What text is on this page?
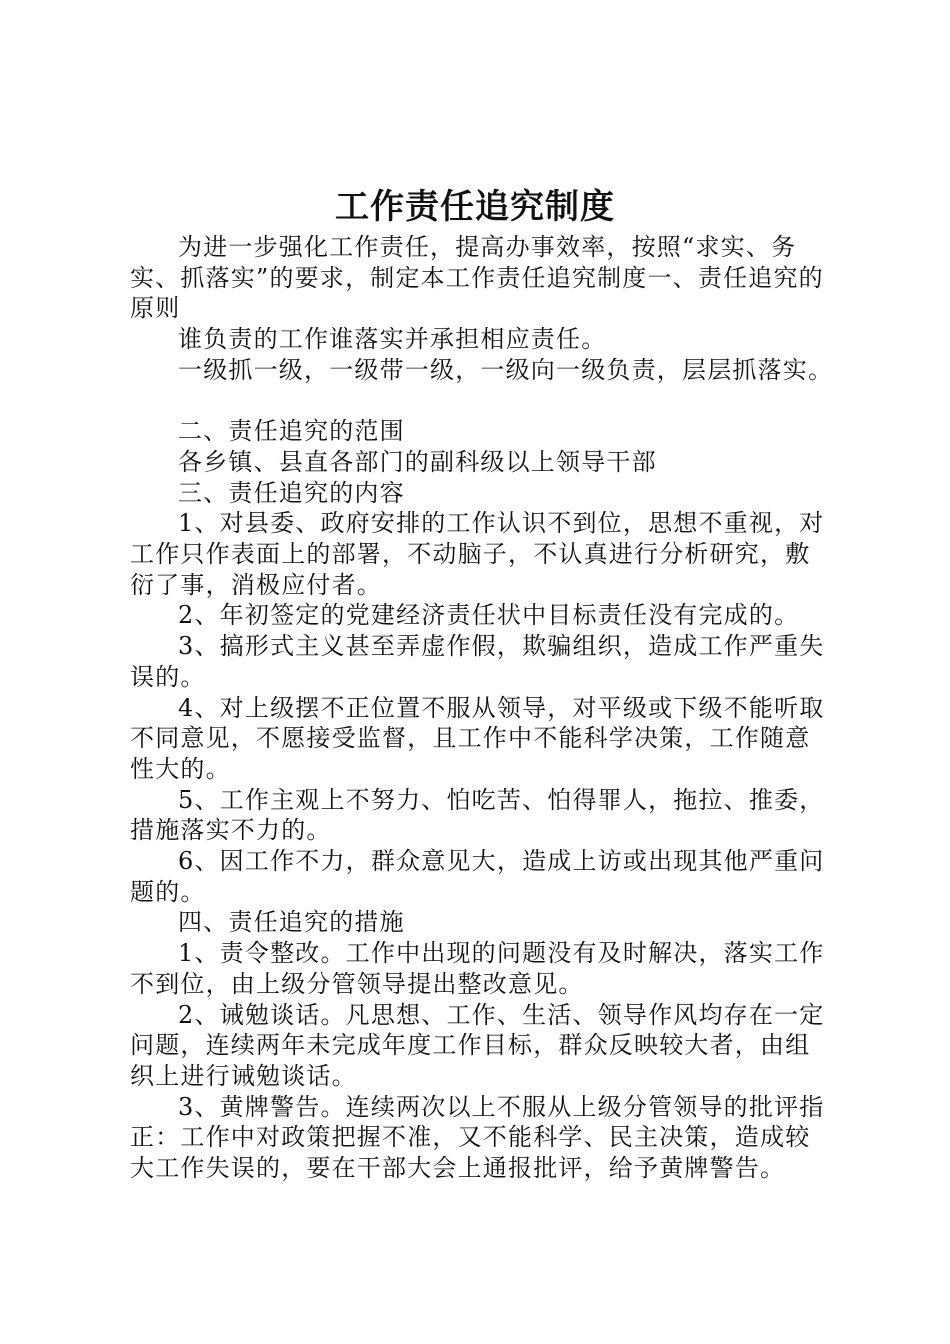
工作责任追究制度

为进一步强化工作责任，提高办事效率，按照“求实、务实、抓落实”的要求，制定本工作责任追究制度一、责任追究的原则

谁负责的工作谁落实并承担相应责任。

一级抓一级，一级带一级，一级向一级负责，层层抓落实。

二、责任追究的范围

各乡镇、县直各部门的副科级以上领导干部

三、责任追究的内容

1、对县委、政府安排的工作认识不到位，思想不重视，对工作只作表面上的部署，不动脑子，不认真进行分析研究，敷衍了事，消极应付者。

2、年初签定的党建经济责任状中目标责任没有完成的。

3、搞形式主义甚至弄虚作假，欺骗组织，造成工作严重失误的。

4、对上级摆不正位置不服从领导，对平级或下级不能听取不同意见，不愿接受监督，且工作中不能科学决策，工作随意性大的。

5、工作主观上不努力、怕吃苦、怕得罪人，拖拉、推委，措施落实不力的。

6、因工作不力，群众意见大，造成上访或出现其他严重问题的。

四、责任追究的措施

1、责令整改。工作中出现的问题没有及时解决，落实工作不到位，由上级分管领导提出整改意见。

2、诫勉谈话。凡思想、工作、生活、领导作风均存在一定问题，连续两年未完成年度工作目标，群众反映较大者，由组织上进行诫勉谈话。

3、黄牌警告。连续两次以上不服从上级分管领导的批评指正：工作中对政策把握不准，又不能科学、民主决策，造成较大工作失误的，要在干部大会上通报批评，给予黄牌警告。
